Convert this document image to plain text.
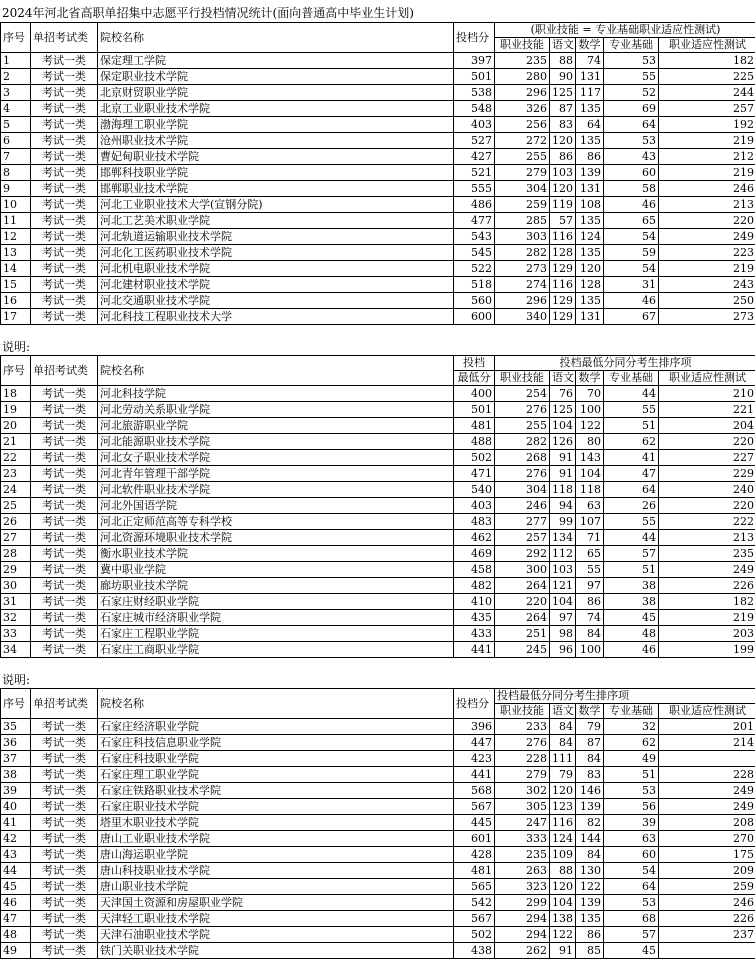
2024年河北省高职单招集中志愿平行投档情况统计(面向普通高中毕业生计划)
序号	单招考试类	院校名称	投档分	(职业技能 = 专业基础职业适应性测试)				
				职业技能	语文	数学	专业基础	职业适应性测试
1	考试一类	保定理工学院	397	235	88	74	53	182
2	考试一类	保定职业技术学院	501	280	90	131	55	225
3	考试一类	北京财贸职业学院	538	296	125	117	52	244
4	考试一类	北京工业职业技术学院	548	326	87	135	69	257
5	考试一类	渤海理工职业学院	403	256	83	64	64	192
6	考试一类	沧州职业技术学院	527	272	120	135	53	219
7	考试一类	曹妃甸职业技术学院	427	255	86	86	43	212
8	考试一类	邯郸科技职业学院	521	279	103	139	60	219
9	考试一类	邯郸职业技术学院	555	304	120	131	58	246
10	考试一类	河北工业职业技术大学(宣钢分院)	486	259	119	108	46	213
11	考试一类	河北工艺美术职业学院	477	285	57	135	65	220
12	考试一类	河北轨道运输职业技术学院	543	303	116	124	54	249
13	考试一类	河北化工医药职业技术学院	545	282	128	135	59	223
14	考试一类	河北机电职业技术学院	522	273	129	120	54	219
15	考试一类	河北建材职业技术学院	518	274	116	128	31	243
16	考试一类	河北交通职业技术学院	560	296	129	135	46	250
17	考试一类	河北科技工程职业技术大学	600	340	129	131	67	273
说明:
序号	单招考试类	院校名称	投档	投档最低分同分考生排序项				
			最低分	职业技能	语文	数学	专业基础	职业适应性测试
18	考试一类	河北科技学院	400	254	76	70	44	210
19	考试一类	河北劳动关系职业学院	501	276	125	100	55	221
20	考试一类	河北旅游职业学院	481	255	104	122	51	204
21	考试一类	河北能源职业技术学院	488	282	126	80	62	220
22	考试一类	河北女子职业技术学院	502	268	91	143	41	227
23	考试一类	河北青年管理干部学院	471	276	91	104	47	229
24	考试一类	河北软件职业技术学院	540	304	118	118	64	240
25	考试一类	河北外国语学院	403	246	94	63	26	220
26	考试一类	河北正定师范高等专科学校	483	277	99	107	55	222
27	考试一类	河北资源环境职业技术学院	462	257	134	71	44	213
28	考试一类	衡水职业技术学院	469	292	112	65	57	235
29	考试一类	冀中职业学院	458	300	103	55	51	249
30	考试一类	廊坊职业技术学院	482	264	121	97	38	226
31	考试一类	石家庄财经职业学院	410	220	104	86	38	182
32	考试一类	石家庄城市经济职业学院	435	264	97	74	45	219
33	考试一类	石家庄工程职业学院	433	251	98	84	48	203
34	考试一类	石家庄工商职业学院	441	245	96	100	46	199
说明:
序号	单招考试类	院校名称	投档分	投档最低分同分考生排序项				
				职业技能	语文	数学	专业基础	职业适应性测试
35	考试一类	石家庄经济职业学院	396	233	84	79	32	201
36	考试一类	石家庄科技信息职业学院	447	276	84	87	62	214
37	考试一类	石家庄科技职业学院	423	228	111	84	49	
38	考试一类	石家庄理工职业学院	441	279	79	83	51	228
39	考试一类	石家庄铁路职业技术学院	568	302	120	146	53	249
40	考试一类	石家庄职业技术学院	567	305	123	139	56	249
41	考试一类	塔里木职业技术学院	445	247	116	82	39	208
42	考试一类	唐山工业职业技术学院	601	333	124	144	63	270
43	考试一类	唐山海运职业学院	428	235	109	84	60	175
44	考试一类	唐山科技职业技术学院	481	263	88	130	54	209
45	考试一类	唐山职业技术学院	565	323	120	122	64	259
46	考试一类	天津国土资源和房屋职业学院	542	299	104	139	53	246
47	考试一类	天津轻工职业技术学院	567	294	138	135	68	226
48	考试一类	天津石油职业技术学院	502	294	122	86	57	237
49	考试一类	铁门关职业技术学院	438	262	91	85	45	
